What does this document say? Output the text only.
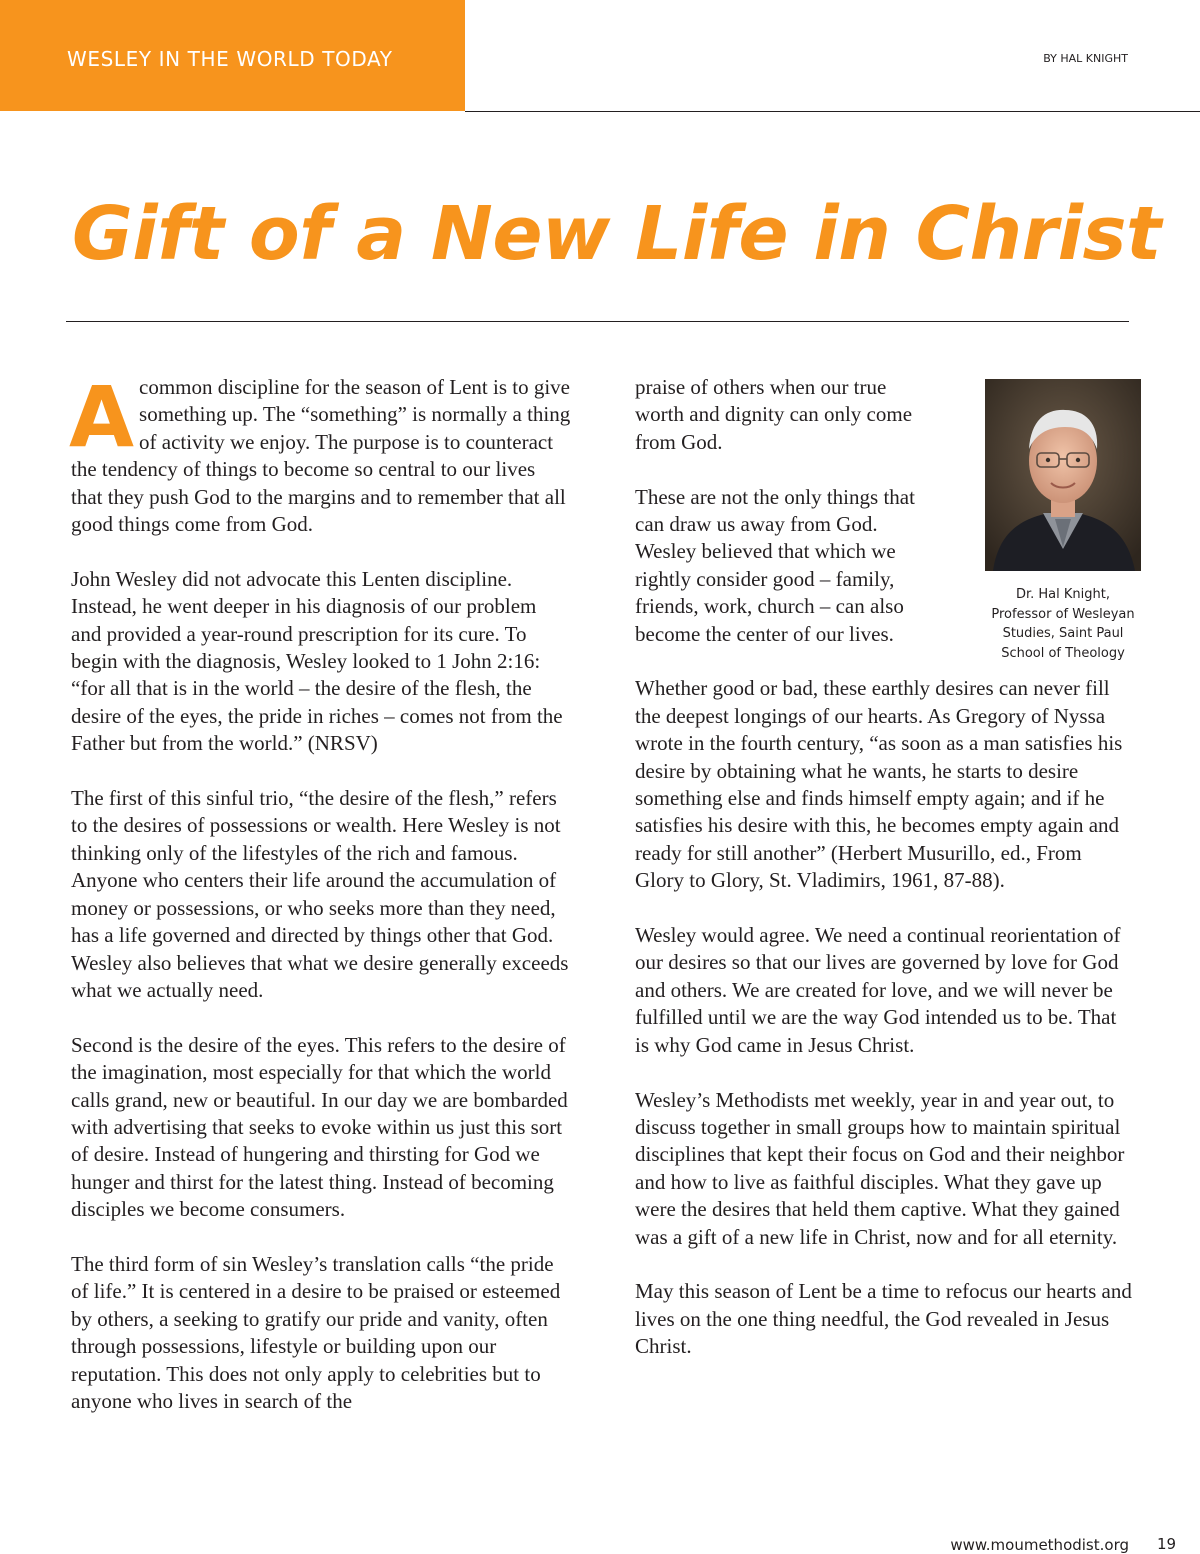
WESLEY IN THE WORLD TODAY	BY HAL KNIGHT
Gift of a New Life in Christ

Acommon discipline for the season of Lent is to give something up. The “something” is normally a thing of activity we enjoy. The purpose is to counteract the tendency of things to become so central to our lives that they push God to the margins and to remember that all good things come from God.

John Wesley did not advocate this Lenten discipline. Instead, he went deeper in his diagnosis of our problem and provided a year-round prescription for its cure. To begin with the diagnosis, Wesley looked to 1 John 2:16: “for all that is in the world – the desire of the flesh, the desire of the eyes, the pride in riches – comes not from the Father but from the world.” (NRSV)

The first of this sinful trio, “the desire of the flesh,” refers to the desires of possessions or wealth. Here Wesley is not thinking only of the lifestyles of the rich and famous. Anyone who centers their life around the accumulation of money or possessions, or who seeks more than they need, has a life governed and directed by things other that God. Wesley also believes that what we desire generally exceeds what we actually need.

Second is the desire of the eyes. This refers to the desire of the imagination, most especially for that which the world calls grand, new or beautiful. In our day we are bombarded with advertising that seeks to evoke within us just this sort of desire. Instead of hungering and thirsting for God we hunger and thirst for the latest thing. Instead of becoming disciples we become consumers.

The third form of sin Wesley’s translation calls “the pride of life.” It is centered in a desire to be praised or esteemed by others, a seeking to gratify our pride and vanity, often through possessions, lifestyle or building upon our reputation. This does not only apply to celebrities but to anyone who lives in search of the

Dr. Hal Knight, Professor of Wesleyan Studies, Saint Paul School of Theology

praise of others when our true worth and dignity can only come from God.

These are not the only things that can draw us away from God. Wesley believed that which we rightly consider good – family, friends, work, church – can also become the center of our lives.

Whether good or bad, these earthly desires can never fill the deepest longings of our hearts. As Gregory of Nyssa wrote in the fourth century, “as soon as a man satisfies his desire by obtaining what he wants, he starts to desire something else and finds himself empty again; and if he satisfies his desire with this, he becomes empty again and ready for still another” (Herbert Musurillo, ed., From Glory to Glory, St. Vladimirs, 1961, 87-88).

Wesley would agree. We need a continual reorientation of our desires so that our lives are governed by love for God and others. We are created for love, and we will never be fulfilled until we are the way God intended us to be. That is why God came in Jesus Christ.

Wesley’s Methodists met weekly, year in and year out, to discuss together in small groups how to maintain spiritual disciplines that kept their focus on God and their neighbor and how to live as faithful disciples. What they gave up were the desires that held them captive. What they gained was a gift of a new life in Christ, now and for all eternity.

May this season of Lent be a time to refocus our hearts and lives on the one thing needful, the God revealed in Jesus Christ.

www.moumethodist.org 19
